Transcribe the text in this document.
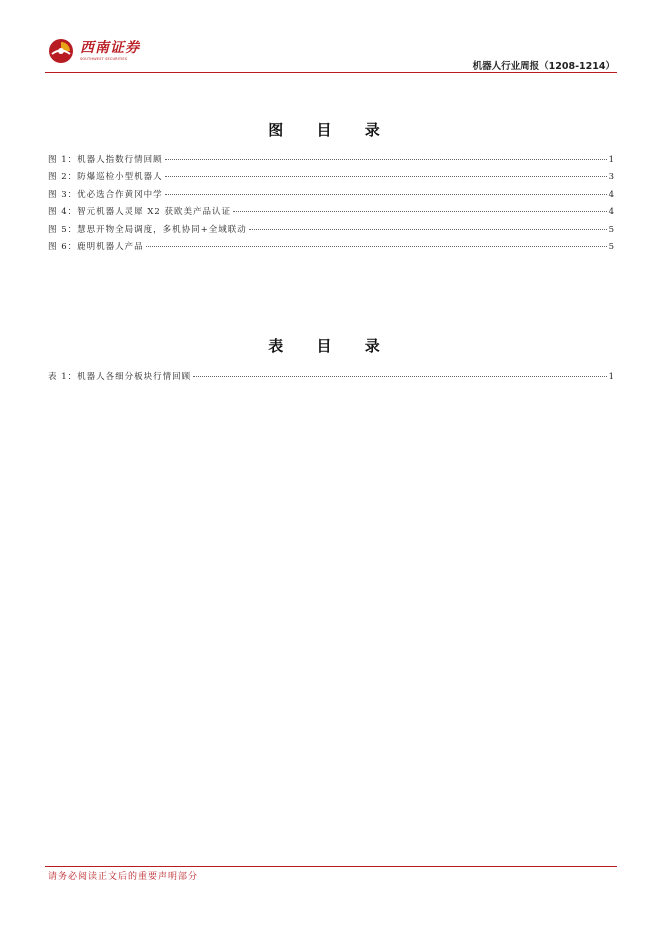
西南证券
SOUTHWEST SECURITIES
机器人行业周报（1208-1214）
图 目 录
图 1：机器人指数行情回顾	1
图 2：防爆巡检小型机器人	3
图 3：优必选合作黄冈中学	4
图 4：智元机器人灵犀 X2 获欧美产品认证	4
图 5：慧思开物全局调度，多机协同+全域联动	5
图 6：鹿明机器人产品	5
表 目 录
表 1：机器人各细分板块行情回顾	1
请务必阅读正文后的重要声明部分
